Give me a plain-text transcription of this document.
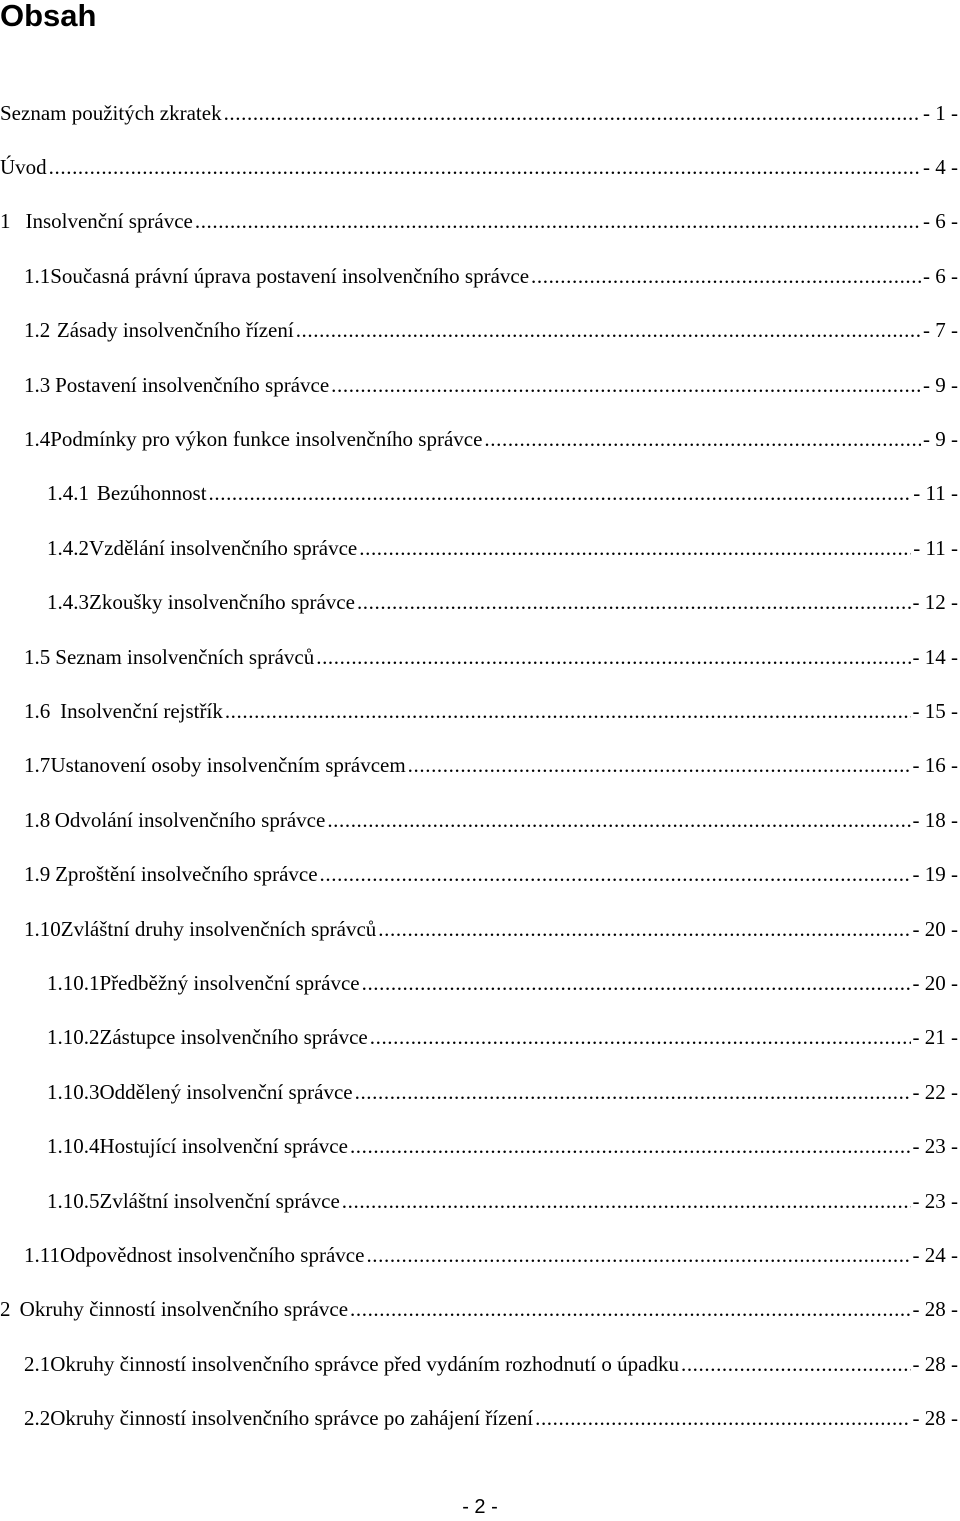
Obsah
Seznam použitých zkratek .....	- 1 -
Úvod .....	- 4 -
1 Insolvenční správce .....	- 6 -
1.1 Současná právní úprava postavení insolvenčního správce .....	- 6 -
1.2 Zásady insolvenčního řízení .....	- 7 -
1.3 Postavení insolvenčního správce .....	- 9 -
1.4 Podmínky pro výkon funkce insolvenčního správce .....	- 9 -
1.4.1 Bezúhonnost .....	- 11 -
1.4.2 Vzdělání insolvenčního správce .....	- 11 -
1.4.3 Zkoušky insolvenčního správce .....	- 12 -
1.5 Seznam insolvenčních správců .....	- 14 -
1.6 Insolvenční rejstřík .....	- 15 -
1.7 Ustanovení osoby insolvenčním správcem .....	- 16 -
1.8 Odvolání insolvenčního správce .....	- 18 -
1.9 Zproštění insolvečního správce .....	- 19 -
1.10 Zvláštní druhy insolvenčních správců .....	- 20 -
1.10.1 Předběžný insolvenční správce .....	- 20 -
1.10.2 Zástupce insolvenčního správce .....	- 21 -
1.10.3 Oddělený insolvenční správce .....	- 22 -
1.10.4 Hostující insolvenční správce .....	- 23 -
1.10.5 Zvláštní insolvenční správce .....	- 23 -
1.11 Odpovědnost insolvenčního správce .....	- 24 -
2 Okruhy činností insolvenčního správce .....	- 28 -
2.1 Okruhy činností insolvenčního správce před vydáním rozhodnutí o úpadku .....	- 28 -
2.2 Okruhy činností insolvenčního správce po zahájení řízení .....	- 28 -
- 2 -
